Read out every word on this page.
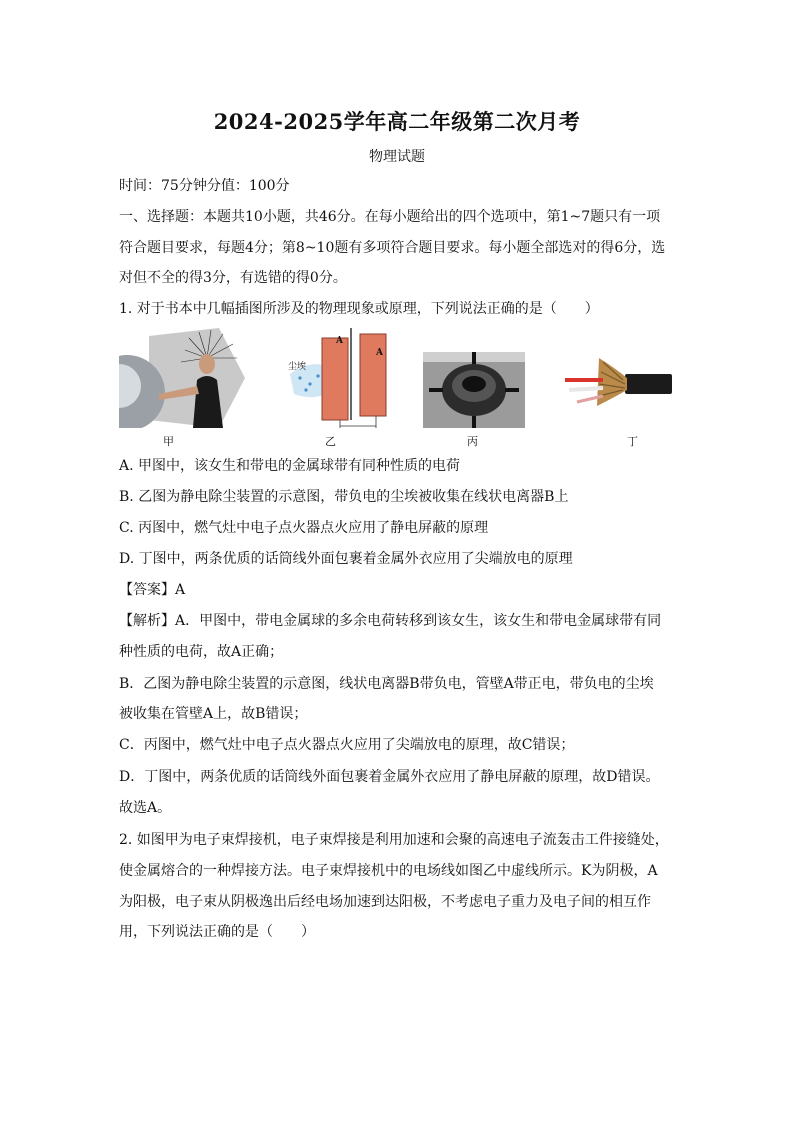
2024-2025学年高二年级第二次月考
物理试题
时间：75分钟分值：100分
一、选择题：本题共10小题，共46分。在每小题给出的四个选项中，第1~7题只有一项
符合题目要求，每题4分；第8~10题有多项符合题目要求。每小题全部选对的得6分，选
对但不全的得3分，有选错的得0分。
1. 对于书本中几幅插图所涉及的物理现象或原理，下列说法正确的是（　　）
甲
尘埃
A
A
乙	丙	丁
A. 甲图中，该女生和带电的金属球带有同种性质的电荷
B. 乙图为静电除尘装置的示意图，带负电的尘埃被收集在线状电离器B上
C. 丙图中，燃气灶中电子点火器点火应用了静电屏蔽的原理
D. 丁图中，两条优质的话筒线外面包裹着金属外衣应用了尖端放电的原理
【答案】A
【解析】A．甲图中，带电金属球的多余电荷转移到该女生，该女生和带电金属球带有同
种性质的电荷，故A正确；
B．乙图为静电除尘装置的示意图，线状电离器B带负电，管壁A带正电，带负电的尘埃
被收集在管壁A上，故B错误；
C．丙图中，燃气灶中电子点火器点火应用了尖端放电的原理，故C错误；
D．丁图中，两条优质的话筒线外面包裹着金属外衣应用了静电屏蔽的原理，故D错误。
故选A。
2. 如图甲为电子束焊接机，电子束焊接是利用加速和会聚的高速电子流轰击工件接缝处，
使金属熔合的一种焊接方法。电子束焊接机中的电场线如图乙中虚线所示。K为阴极，A
为阳极，电子束从阴极逸出后经电场加速到达阳极，不考虑电子重力及电子间的相互作
用，下列说法正确的是（　　）
